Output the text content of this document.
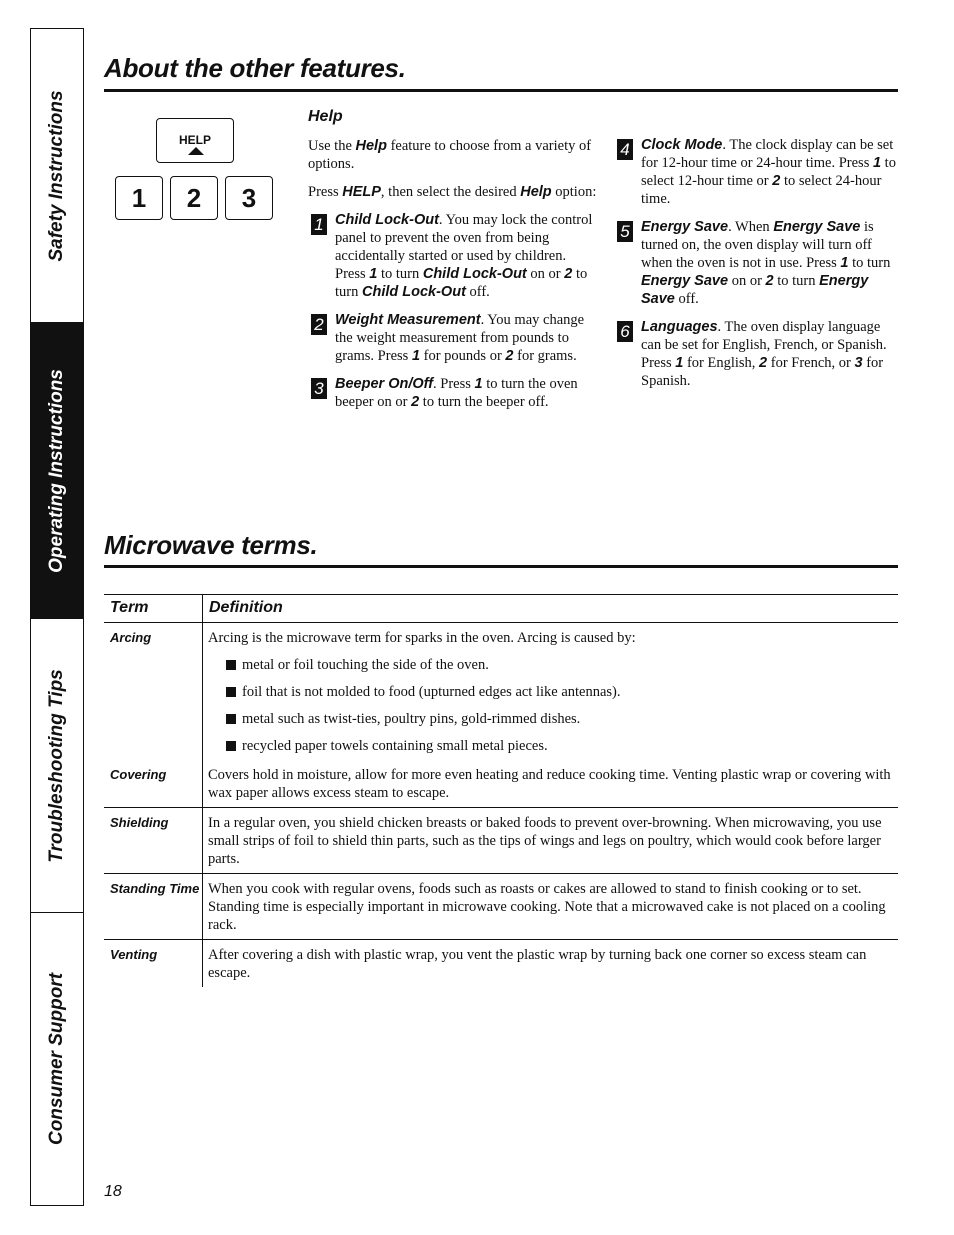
Safety Instructions
Operating Instructions
Troubleshooting Tips
Consumer Support
About the other features.
HELP
1	2	3
Help

Use the Help feature to choose from a variety of options.

Press HELP, then select the desired Help option:

1 Child Lock-Out. You may lock the control panel to prevent the oven from being accidentally started or used by children. Press 1 to turn Child Lock-Out on or 2 to turn Child Lock-Out off.
2 Weight Measurement. You may change the weight measurement from pounds to grams. Press 1 for pounds or 2 for grams.
3 Beeper On/Off. Press 1 to turn the oven beeper on or 2 to turn the beeper off.
4 Clock Mode. The clock display can be set for 12-hour time or 24-hour time. Press 1 to select 12-hour time or 2 to select 24-hour time.
5 Energy Save. When Energy Save is turned on, the oven display will turn off when the oven is not in use. Press 1 to turn Energy Save on or 2 to turn Energy Save off.
6 Languages. The oven display language can be set for English, French, or Spanish. Press 1 for English, 2 for French, or 3 for Spanish.
Microwave terms.
Term	Definition
Arcing	Arcing is the microwave term for sparks in the oven. Arcing is caused by:
metal or foil touching the side of the oven.
foil that is not molded to food (upturned edges act like antennas).
metal such as twist-ties, poultry pins, gold-rimmed dishes.
recycled paper towels containing small metal pieces.

Covering	Covers hold in moisture, allow for more even heating and reduce cooking time. Venting plastic wrap or covering with wax paper allows excess steam to escape.

Shielding	In a regular oven, you shield chicken breasts or baked foods to prevent over-browning. When microwaving, you use small strips of foil to shield thin parts, such as the tips of wings and legs on poultry, which would cook before larger parts.

Standing Time	When you cook with regular ovens, foods such as roasts or cakes are allowed to stand to finish cooking or to set. Standing time is especially important in microwave cooking. Note that a microwaved cake is not placed on a cooling rack.

Venting	After covering a dish with plastic wrap, you vent the plastic wrap by turning back one corner so excess steam can escape.
18
